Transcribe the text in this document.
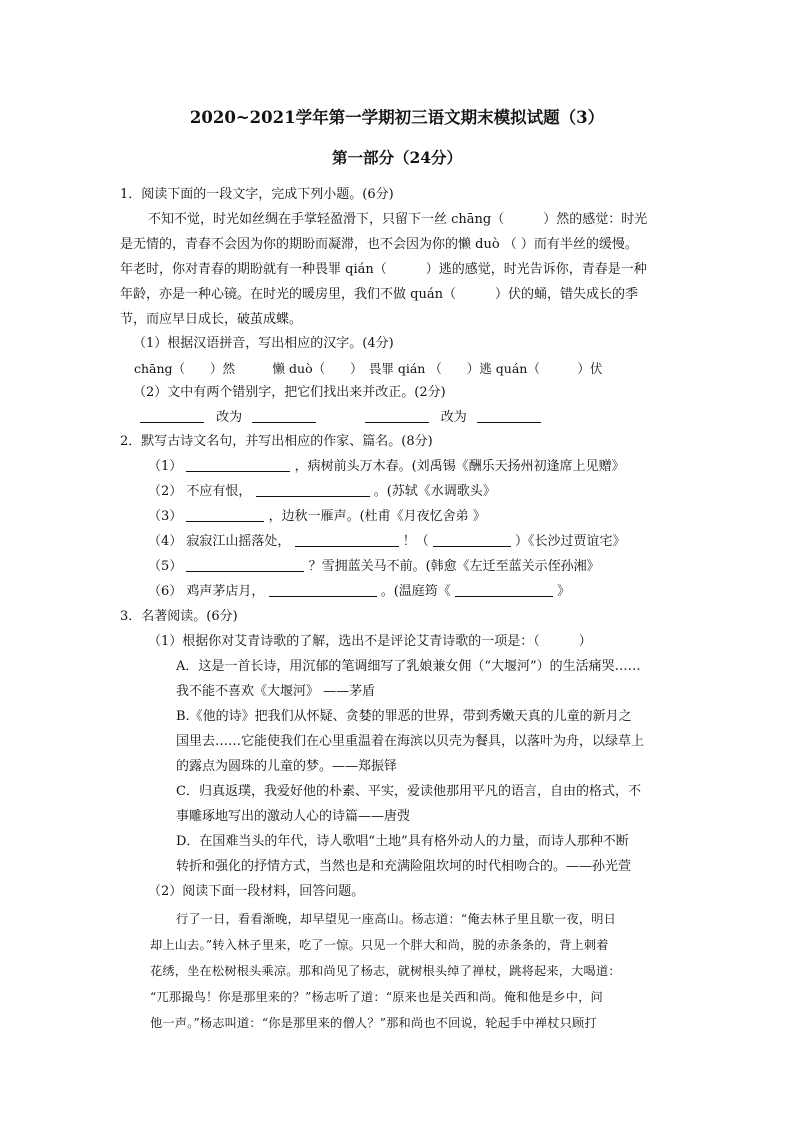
2020~2021学年第一学期初三语文期末模拟试题（3）
第一部分（24分）
1．阅读下面的一段文字，完成下列小题。(6分)
不知不觉，时光如丝绸在手掌轻盈滑下，只留下一丝 chāng（　　　）然的感觉：时光
是无情的，青春不会因为你的期盼而凝滞，也不会因为你的懒 duò （ ）而有半丝的缓慢。
年老时，你对青春的期盼就有一种畏罪 qián（　　　）逃的感觉，时光告诉你，青春是一种
年龄，亦是一种心镜。在时光的暖房里，我们不做 quán（　　　）伏的蛹，错失成长的季
节，而应早日成长，破茧成蝶。
（1）根据汉语拼音，写出相应的汉字。(4分)
chāng（　　）然　　　懒 duò（　　）　畏罪 qián （　　）逃 quán（　　　）伏
（2）文中有两个错别字，把它们找出来并改正。(2分)
改为	改为
2．默写古诗文名句，并写出相应的作家、篇名。(8分)
（1）	，病树前头万木春。(刘禹锡《酬乐天扬州初逢席上见赠》
（2） 不应有恨，	。(苏轼《水调歌头》
（3）	，边秋一雁声。(杜甫《月夜忆舍弟 》
（4） 寂寂江山摇落处，	！（	）《长沙过贾谊宅》
（5）	？雪拥蓝关马不前。(韩愈《左迁至蓝关示侄孙湘》
（6） 鸡声茅店月，	。(温庭筠《	》
3．名著阅读。(6分)
（1）根据你对艾青诗歌的了解，选出不是评论艾青诗歌的一项是：（　　　）
A．这是一首长诗，用沉郁的笔调细写了乳娘兼女佣（“大堰河”）的生活痛哭……
我不能不喜欢《大堰河》 ——茅盾
B.《他的诗》把我们从怀疑、贪婪的罪恶的世界，带到秀嫩天真的儿童的新月之
国里去……它能使我们在心里重温着在海滨以贝壳为餐具，以落叶为舟，以绿草上
的露点为圆珠的儿童的梦。——郑振铎
C．归真返璞，我爱好他的朴素、平实，爱读他那用平凡的语言，自由的格式，不
事雕琢地写出的激动人心的诗篇——唐弢
D．在国难当头的年代，诗人歌唱“土地”具有格外动人的力量，而诗人那种不断
转折和强化的抒情方式，当然也是和充满险阻坎坷的时代相吻合的。——孙光萱
（2）阅读下面一段材料，回答问题。
行了一日，看看渐晚，却早望见一座高山。杨志道：“俺去林子里且歇一夜，明日
却上山去。”转入林子里来，吃了一惊。只见一个胖大和尚，脱的赤条条的，背上刺着
花绣，坐在松树根头乘凉。那和尚见了杨志，就树根头绰了禅杖，跳将起来，大喝道：
“兀那撮鸟！你是那里来的？”杨志听了道：“原来也是关西和尚。俺和他是乡中，问
他一声。”杨志叫道：“你是那里来的僧人？”那和尚也不回说，轮起手中禅杖只顾打
